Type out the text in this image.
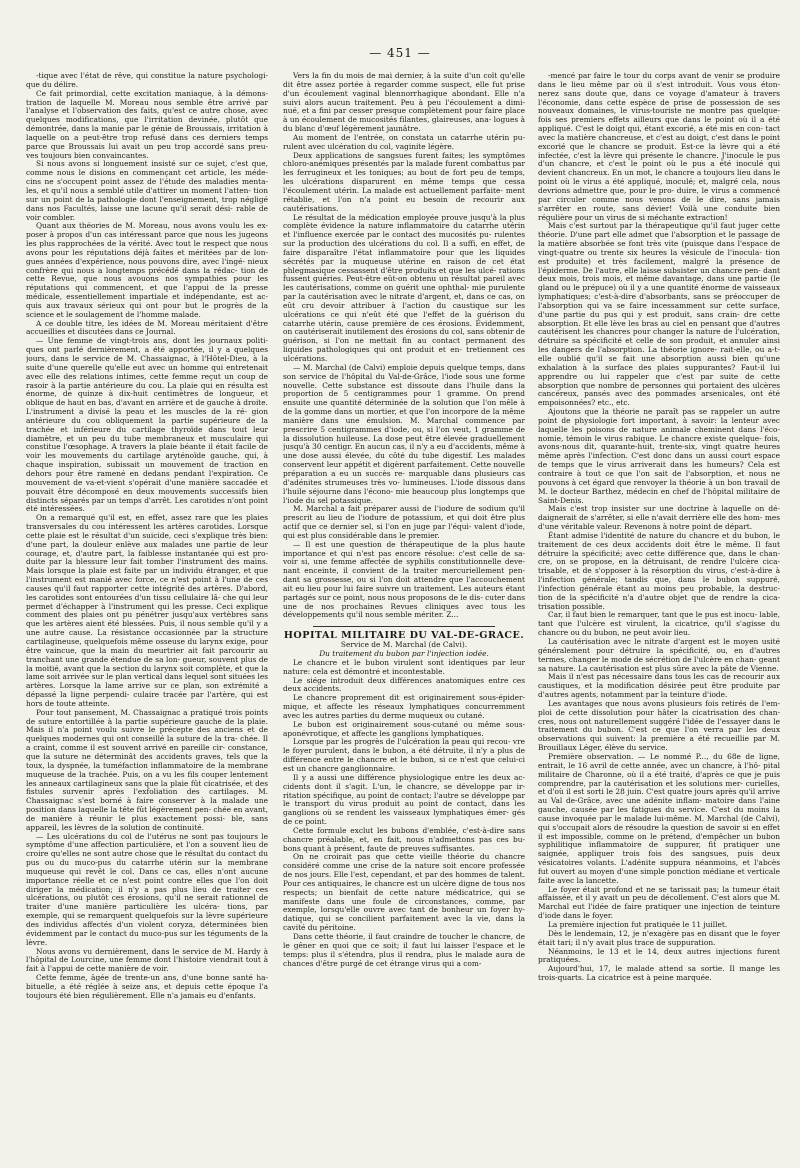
— 451 —

-tique avec l'état de rêve, qui constitue la nature psychologi- que du délire.

Ce fait primordial, cette excitation maniaque, à la démons- tration de laquelle M. Moreau nous semble être arrivé par l'analyse et l'observation des faits, qu'est ce autre chose, avec quelques modifications, que l'irritation devinée, plutôt que démontrée, dans la manie par le génie de Broussais, irritation à laquelle on a peut-être trop refusé dans ces derniers temps parce que Broussais lui avait un peu trop accordé sans preu- ves toujours bien convaincantes.

Si nous avons si longuement insisté sur ce sujet, c'est que, comme nous le disions en commençant cet article, les méde- cins ne s'occupent point assez de l'étude des maladies menta- les, et qu'il nous a semblé utile d'attirer un moment l'atten- tion sur un point de la pathologie dont l'enseignement, trop négligé dans nos Facultés, laisse une lacune qu'il serait dési- rable de voir combler.

Quant aux théories de M. Moreau, nous avons voulu les ex- poser à propos d'un cas intéressant parce que nous les jugeons les plus rapprochées de la vérité. Avec tout le respect que nous avons pour les réputations déjà faites et méritées par de lon- gues années d'expérience, nous pouvons dire, avec l'ingé- nieux confrère qui nous a longtemps précédé dans la rédac- tion de cette Revue, que nous avouons nos sympathies pour les réputations qui commencent, et que l'appui de la presse médicale, essentiellement impartiale et indépendante, est ac- quis aux travaux sérieux qui ont pour but le progrès de la science et le soulagement de l'homme malade.

A ce double titre, les idées de M. Moreau méritaient d'être accueillies et discutées dans ce Journal.

— Une femme de vingt-trois ans, dont les journaux politi- ques ont parlé dernièrement, a été apportée, il y a quelques jours, dans le service de M. Chassaignac, à l'Hôtel-Dieu, à la suite d'une querelle qu'elle eut avec un homme qui entretenait avec elle des relations intimes, cette femme reçut un coup de rasoir à la partie antérieure du cou. La plaie qui en résulta est énorme, de quinze à dix-huit centimètres de longueur, et oblique de haut en bas, d'avant en arrière et de gauche à droite. L'instrument a divisé la peau et les muscles de la ré- gion antérieure du cou obliquement la partie supérieure de la trachée et inférieure du cartilage thyroïde dans tout leur diamètre, et un peu du tube membraneux et musculaire qui constitue l'œsophage. A travers la plaie béante il était facile de voir les mouvements du cartilage aryténoïde gauche, qui, à chaque inspiration, subissait un mouvement de traction en dehors pour être ramené en dedans pendant l'expiration. Ce mouvement de va-et-vient s'opérait d'une manière saccadée et pouvait être décomposé en deux mouvements successifs bien distincts séparés par un temps d'arrêt. Les carotides n'ont point été intéressées.

On a remarqué qu'il est, en effet, assez rare que les plaies transversales du cou intéressent les artères carotides. Lorsque cette plaie est le résultat d'un suicide, ceci s'explique très bien: d'une part, la douleur enlève aux malades une partie de leur courage, et, d'autre part, la faiblesse instantanée qui est pro- duite par la blessure leur fait tomber l'instrument des mains. Mais lorsque la plaie est faite par un individu étranger, et que l'instrument est manié avec force, ce n'est point à l'une de ces causes qu'il faut rapporter cette intégrité des artères. D'abord, les carotides sont entourées d'un tissu cellulaire lâ- che qui leur permet d'échapper à l'instrument qui les presse. Ceci explique comment des plaies ont pu pénétrer jusqu'aux vertèbres sans que les artères aient été blessées. Puis, il nous semble qu'il y a une autre cause. La résistance occasionnée par la structure cartilagineuse, quelquefois même osseuse du larynx exige, pour être vaincue, que la main du meurtrier ait fait parcourir au tranchant une grande étendue de sa lon- gueur, souvent plus de la moitié, avant que la section du larynx soit complète, et que la lame soit arrivée sur le plan vertical dans lequel sont situées les artères. Lorsque la lame arrive sur ce plan, son extrémité a dépassé la ligne perpendi- culaire tracée par l'artère, qui est hors de toute atteinte.

Pour tout pansement, M. Chassaignac a pratiqué trois points de suture entortillée à la partie supérieure gauche de la plaie. Mais il n'a point voulu suivre le précepte des anciens et de quelques modernes qui ont conseillé la suture de la tra- chée. Il a craint, comme il est souvent arrivé en pareille cir- constance, que la suture ne déterminât des accidents graves, tels que la toux, la dyspnée, la tuméfaction inflammatoire de la membrane muqueuse de la trachée. Puis, on a vu les fils couper lentement les anneaux cartilagineux sans que la plaie fût cicatrisée, et des fistules survenir après l'exfoliation des cartilages. M. Chassaignac s'est borné à faire conserver à la malade une position dans laquelle la tête fût légèrement pen- chée en avant, de manière à réunir le plus exactement possi- ble, sans appareil, les lèvres de la solution de continuité.

— Les ulcérations du col de l'utérus ne sont pas toujours le symptôme d'une affection particulière, et l'on a souvent lieu de croire qu'elles ne sont autre chose que le résultat du contact du pus ou du muco-pus du catarrhe utérin sur la membrane muqueuse qui revêt le col. Dans ce cas, elles n'ont aucune importance réelle et ce n'est point contre elles que l'on doit diriger la médication; il n'y a pas plus lieu de traiter ces ulcérations, ou plutôt ces érosions, qu'il ne serait rationnel de traiter d'une manière particulière les ulcéra- tions, par exemple, qui se remarquent quelquefois sur la lèvre supérieure des individus affectés d'un violent coryza, déterminées bien évidemment par le contact du muco-pus sur les téguments de la lèvre.

Nous avons vu dernièrement, dans le service de M. Hardy à l'hôpital de Lourcine, une femme dont l'histoire viendrait tout à fait à l'appui de cette manière de voir.

Cette femme, âgée de trente-un ans, d'une bonne santé ha- bituelle, a été réglée à seize ans, et depuis cette époque l'a toujours été bien régulièrement. Elle n'a jamais eu d'enfants.

Vers la fin du mois de mai dernier, à la suite d'un coït qu'elle dit être assez portée à regarder comme suspect, elle fut prise d'un écoulement vaginal blennorrhagique abondant. Elle n'a suivi alors aucun traitement. Peu à peu l'écoulement a dimi- nué, et a fini par cesser presque complètement pour faire place à un écoulement de mucosités filantes, glaireuses, ana- logues à du blanc d'œuf légèrement jaunâtre.

Au moment de l'entrée, on constata un catarrhe utérin pu- rulent avec ulcération du col, vaginite légère.

Deux applications de sangsues furent faites; les symptômes chloro-anémiques présentés par la malade furent combattus par les ferrugineux et les toniques; au bout de fort peu de temps, les ulcérations disparurent en même temps que cessa l'écoulement utérin. La malade est actuellement parfaite- ment rétablie, et l'on n'a point eu besoin de recourir aux cautérisations.

Le résultat de la médication employée prouve jusqu'à la plus complète évidence la nature inflammatoire du catarrhe utérin et l'influence exercée par le contact des mucosités pu- rulentes sur la production des ulcérations du col. Il a suffi, en effet, de faire disparaître l'état inflammatoire pour que les liquides sécrétés par la muqueuse utérine en raison de cet état phlegmasique cessassent d'être produits et que les ulcé- rations fussent guéries. Peut-être eût-on obtenu un résultat pareil avec les cautérisations, comme on guérit une ophthal- mie purulente par la cautérisation avec le nitrate d'argent, et, dans ce cas, on eût cru devoir attribuer à l'action du caustique sur les ulcérations ce qui n'eût été que l'effet de la guérison du catarrhe utérin, cause première de ces érosions. Évidemment, on cautériserait inutilement des érosions du col, sans obtenir de guérison, si l'on ne mettait fin au contact permanent des liquides pathologiques qui ont produit et en- tretiennent ces ulcérations.

— M. Marchal (de Calvi) emploie depuis quelque temps, dans son service de l'hôpital du Val-de-Grâce, l'iode sous une forme nouvelle. Cette substance est dissoute dans l'huile dans la proportion de 5 centigrammes pour 1 gramme. On prend ensuite une quantité déterminée de la solution que l'on mêle à de la gomme dans un mortier, et que l'on incorpore de la même manière dans une émulsion. M. Marchal commence par prescrire 5 centigrammes d'iode, ou, si l'on veut, 1 gramme de la dissolution huileuse. La dose peut être élevée graduellement jusqu'à 30 centigr. En aucun cas, il n'y a eu d'accidents, même à une dose aussi élevée, du côté du tube digestif. Les malades conservent leur appétit et digèrent parfaitement. Cette nouvelle préparation a eu un succès re- marquable dans plusieurs cas d'adénites strumeuses très vo- lumineuses. L'iode dissous dans l'huile séjourne dans l'écono- mie beaucoup plus longtemps que l'iode du sel potassique.

M. Marchal a fait préparer aussi de l'iodure de sodium qu'il prescrit au lieu de l'iodure de potassium, et qui doit être plus actif que ce dernier sel, si l'on en juge par l'équi- valent d'iode, qui est plus considérable dans le premier.

— Il est une question de thérapeutique de la plus haute importance et qui n'est pas encore résolue: c'est celle de sa- voir si, une femme affectée de syphilis constitutionnelle deve- nant enceinte, il convient de la traiter mercuriellement pen- dant sa grossesse, ou si l'on doit attendre que l'accouchement ait eu lieu pour lui faire suivre un traitement. Les auteurs étant partagés sur ce point, nous nous proposons de le dis- cuter dans une de nos prochaines Revues cliniques avec tous les développements qu'il nous semble mériter. Z...

HOPITAL MILITAIRE DU VAL-DE-GRACE.

Service de M. Marchal (de Calvi).

Du traitement du bubon par l'injection iodée.

Le chancre et le bubon virulent sont identiques par leur nature: cela est démontré et incontestable.

Le siége introduit deux différences anatomiques entre ces deux accidents.

Le chancre proprement dit est originairement sous-épider- mique, et affecte les réseaux lymphatiques concurremment avec les autres parties du derme muqueux ou cutané.

Le bubon est originairement sous-cutané ou même sous- aponévrotique, et affecte les ganglions lymphatiques.

Lorsque par les progrès de l'ulcération la peau qui recou- vre le foyer purulent, dans le bubon, a été détruite, il n'y a plus de différence entre le chancre et le bubon, si ce n'est que celui-ci est un chancre ganglionnaire.

Il y a aussi une différence physiologique entre les deux ac- cidents dont il s'agit. L'un, le chancre, se développe par ir- ritation spécifique, au point de contact; l'autre se développe par le transport du virus produit au point de contact, dans les ganglions où se rendent les vaisseaux lymphatiques émer- gés de ce point.

Cette formule exclut les bubons d'emblée, c'est-à-dire sans chancre préalable, et, en fait, nous n'admettons pas ces bu- bons quant à présent, faute de preuves suffisantes.

On ne croirait pas que cette vieille théorie du chancre considéré comme une crise de la nature soit encore professée de nos jours. Elle l'est, cependant, et par des hommes de talent. Pour ces antiquaires, le chancre est un ulcère digne de tous nos respects; un bienfait de cette nature médicatrice, qui se manifeste dans une foule de circonstances, comme, par exemple, lorsqu'elle ouvre avec tant de bonheur un foyer hy- datique, qui se concilient parfaitement avec la vie, dans la cavité du péritoine.

Dans cette théorie, il faut craindre de toucher le chancre, de le gêner en quoi que ce soit; il faut lui laisser l'espace et le temps: plus il s'étendra, plus il rendra, plus le malade aura de chances d'être purgé de cet étrange virus qui a com-

-mencé par faire le tour du corps avant de venir se produire dans le lieu même par où il s'est introduit. Vous vous éton- nerez sans doute que, dans ce voyage d'amateur à travers l'économie, dans cette espèce de prise de possession de ses nouveaux domaines, le virus-touriste ne montre pas quelque- fois ses premiers effets ailleurs que dans le point où il a été appliqué. C'est le doigt qui, étant excorié, a été mis en con- tact avec la matière chancreuse, et c'est au doigt, c'est dans le point excorié que le chancre se produit. Est-ce la lèvre qui a été infectée, c'est la lèvre qui présente le chancre. J'inocule le pus d'un chancre, et c'est le point où le pus a été inoculé qui devient chancreux. En un mot, le chancre a toujours lieu dans le point où le virus a été appliqué, inoculé; et, malgré cela, nous devrions admettre que, pour le pro- duire, le virus a commencé par circuler comme nous venons de le dire, sans jamais s'arrêter en route, sans dévier! Voilà une conduite bien régulière pour un virus de si méchante extraction!

Mais c'est surtout par la thérapeutique qu'il faut juger cette théorie. D'une part elle admet que l'absorption et le passage de la matière absorbée se font très vite (puisque dans l'espace de vingt-quatre ou trente six heures la vésicule de l'inocula- tion est produite) et très facilement, malgré la présence de l'épiderme. De l'autre, elle laisse subsister un chancre pen- dant deux mois, trois mois, et même davantage, dans une partie (le gland ou le prépuce) où il y a une quantité énorme de vaisseaux lymphatiques; c'est-à-dire d'absorbants, sans se préoccuper de l'absorption qui va se faire incessamment sur cette surface, d'une partie du pus qui y est produit, sans crain- dre cette absorption. Et elle lève les bras au ciel en pensant que d'autres cautérisent les chancres pour changer la nature de l'ulcération, détruire sa spécificité et celle de son produit, et annuler ainsi les dangers de l'absorption. La théorie ignore- rait-elle, ou a-t-elle oublié qu'il se fait une absorption aussi bien qu'une exhalation à la surface des plaies suppurantes? Faut-il lui apprendre ou lui rappeler que c'est par suite de cette absorption que nombre de personnes qui portaient des ulcères cancéreux, pansés avec des pommades arsenicales, ont été empoisonnées? etc., etc.

Ajoutons que la théorie ne paraît pas se rappeler un autre point de physiologie fort important, à savoir: la lenteur avec laquelle les poisons de nature animale cheminent dans l'éco- nomie, témoin le virus rabique. Le chancre existe quelque- fois, avons-nous dit, quarante-huit, trente-six, vingt quatre heures même après l'infection. C'est donc dans un aussi court espace de temps que le virus arriverait dans les humeurs? Cela est contraire à tout ce que l'on sait de l'absorption, et nous ne pouvons à cet égard que renvoyer la théorie à un bon travail de M. le docteur Barthez, médecin en chef de l'hôpital militaire de Saint-Denis.

Mais c'est trop insister sur une doctrine à laquelle on dé- daignerait de s'arrêter, si elle n'avait derrière elle des hom- mes d'une véritable valeur. Revenons à notre point de départ.

Étant admise l'identité de nature du chancre et du bubon, le traitement de ces deux accidents doit être le même. Il faut détruire la spécificité; avec cette différence que, dans le chan- cre, on se propose, en la détruisant, de rendre l'ulcère cica- trisable, et de s'opposer à la résorption du virus, c'est-à-dire à l'infection générale; tandis que, dans le bubon suppuré, l'infection générale étant au moins peu probable, la destruc- tion de la spécificité n'a d'autre objet que de rendre la cica- trisation possible.

Car, il faut bien le remarquer, tant que le pus est inocu- lable, tant que l'ulcère est virulent, la cicatrice, qu'il s'agisse du chancre ou du bubon, ne peut avoir lieu.

La cautérisation avec le nitrate d'argent est le moyen usité généralement pour détruire la spécificité, ou, en d'autres termes, changer le mode de sécrétion de l'ulcère en chan- geant sa nature. La cautérisation est plus sûre avec la pâte de Vienne.

Mais il n'est pas nécessaire dans tous les cas de recourir aux caustiques, et la modification désirée peut être produite par d'autres agents, notamment par la teinture d'iode.

Les avantages que nous avons plusieurs fois retirés de l'em- ploi de cette dissolution pour hâter la cicatrisation des chan- cres, nous ont naturellement suggéré l'idée de l'essayer dans le traitement du bubon. C'est ce que l'on verra par les deux observations qui suivent: la première a été recueillie par M. Brouillaux Léger, élève du service.

Première observation. — Le nommé P..., du 68e de ligne, entrait, le 16 avril de cette année, avec un chancre, à l'hô- pital militaire de Charonne, où il a été traité, d'après ce que je puis comprendre, par la cautérisation et les solutions mer- curielles, et d'où il est sorti le 28 juin. C'est quatre jours après qu'il arrive au Val de-Grâce, avec une adénite inflam- matoire dans l'aine gauche, causée par les fatigues du service. C'est du moins la cause invoquée par le malade lui-même. M. Marchal (de Calvi), qui s'occupait alors de résoudre la question de savoir si en effet il est impossible, comme on le prétend, d'empêcher un bubon syphilitique inflammatoire de suppurer, fit pratiquer une saignée, appliquer trois fois des sangsues, puis deux vésicatoires volants. L'adénite suppura néanmoins, et l'abcès fut ouvert au moyen d'une simple ponction médiane et verticale faite avec la lancette.

Le foyer était profond et ne se tarissait pas; la tumeur était affaissée, et il y avait un peu de décollement. C'est alors que M. Marchal eut l'idée de faire pratiquer une injection de teinture d'iode dans le foyer.

La première injection fut pratiquée le 11 juillet.

Dès le lendemain, 12, je n'exagère pas en disant que le foyer était tari; il n'y avait plus trace de suppuration.

Néanmoins, le 13 et le 14, deux autres injections furent pratiquées.

Aujourd'hui, 17, le malade attend sa sortie. Il mange les trois-quarts. La cicatrice est à peine marquée.
